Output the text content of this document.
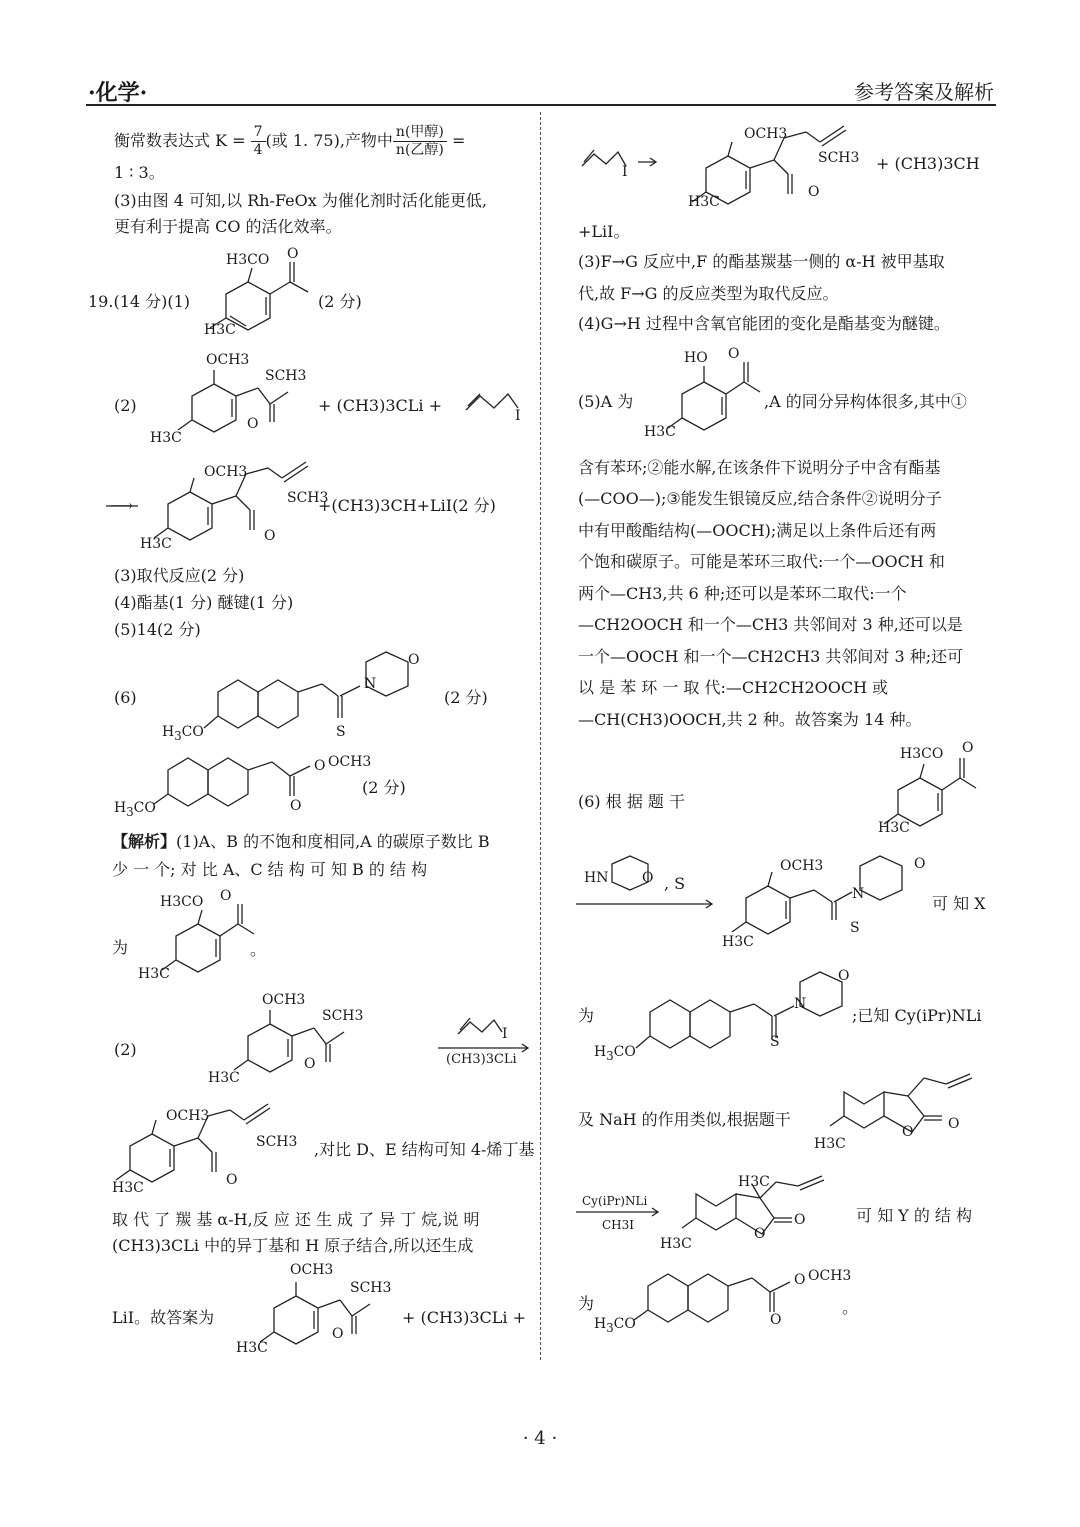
·化学·	参考答案及解析
衡常数表达式 $K = \frac{7}{4}$ (或 1. 75),产物中 $\frac{\text{n(甲醇)}}{\text{n(乙醇)}}$ =
1 ∶ 3。
(3)由图 4 可知,以 Rh-FeOx 为催化剂时活化能更低,
更有利于提高 CO 的活化效率。
19.(14 分)(1)
H3CO O
H3C
(2 分)
(2)
OCH3
SCH3
O
H3C
+ (CH3)3CLi +
I
⟶
OCH3
SCH3
O
H3C
+(CH3)3CH+LiI(2 分)
(3)取代反应(2 分)
(4)酯基(1 分) 醚键(1 分)
(5)14(2 分)
(6)
N
O
S
$H_3CO$
(2 分)
O OCH3
O
$H_3CO$
(2 分)
【解析】(1)A、B 的不饱和度相同,A 的碳原子数比 B
少 一 个; 对 比 A、C 结 构 可 知 B 的 结 构
为
H3CO O
H3C
。
(2)
OCH3
SCH3
O
H3C
I
(CH3)3CLi
OCH3
SCH3
O
H3C
,对比 D、E 结构可知 4-烯丁基
取 代 了 羰 基 α-H,反 应 还 生 成 了 异 丁 烷,说 明
(CH3)3CLi 中的异丁基和 H 原子结合,所以还生成
LiI。故答案为
OCH3
SCH3
O
H3C
+ (CH3)3CLi +
I
OCH3
SCH3
O
H3C
+ (CH3)3CH
+LiI。
(3)F→G 反应中,F 的酯基羰基一侧的 α-H 被甲基取
代,故 F→G 的反应类型为取代反应。
(4)G→H 过程中含氧官能团的变化是酯基变为醚键。
(5)A 为
HO O
H3C
,A 的同分异构体很多,其中①
含有苯环;②能水解,在该条件下说明分子中含有酯基
(—COO—);③能发生银镜反应,结合条件②说明分子
中有甲酸酯结构(—OOCH);满足以上条件后还有两
个饱和碳原子。可能是苯环三取代:一个—OOCH 和
两个—CH3,共 6 种;还可以是苯环二取代:一个
—CH2OOCH 和一个—CH3 共邻间对 3 种,还可以是
一个—OOCH 和一个—CH2CH3 共邻间对 3 种;还可
以 是 苯 环 一 取 代:—CH2CH2OOCH 或
—CH(CH3)OOCH,共 2 种。故答案为 14 种。
(6) 根 据 题 干
H3CO O
H3C
HN O , S
OCH3
N
O
S
H3C
可 知 X
为
N
O
S
$H_3CO$
;已知 Cy(iPr)NLi
及 NaH 的作用类似,根据题干
O O
H3C
Cy(iPr)NLi
CH3I
H3C
O
O
H3C
可 知 Y 的 结 构
为
O OCH3
O
$H_3CO$
。
· 4 ·
